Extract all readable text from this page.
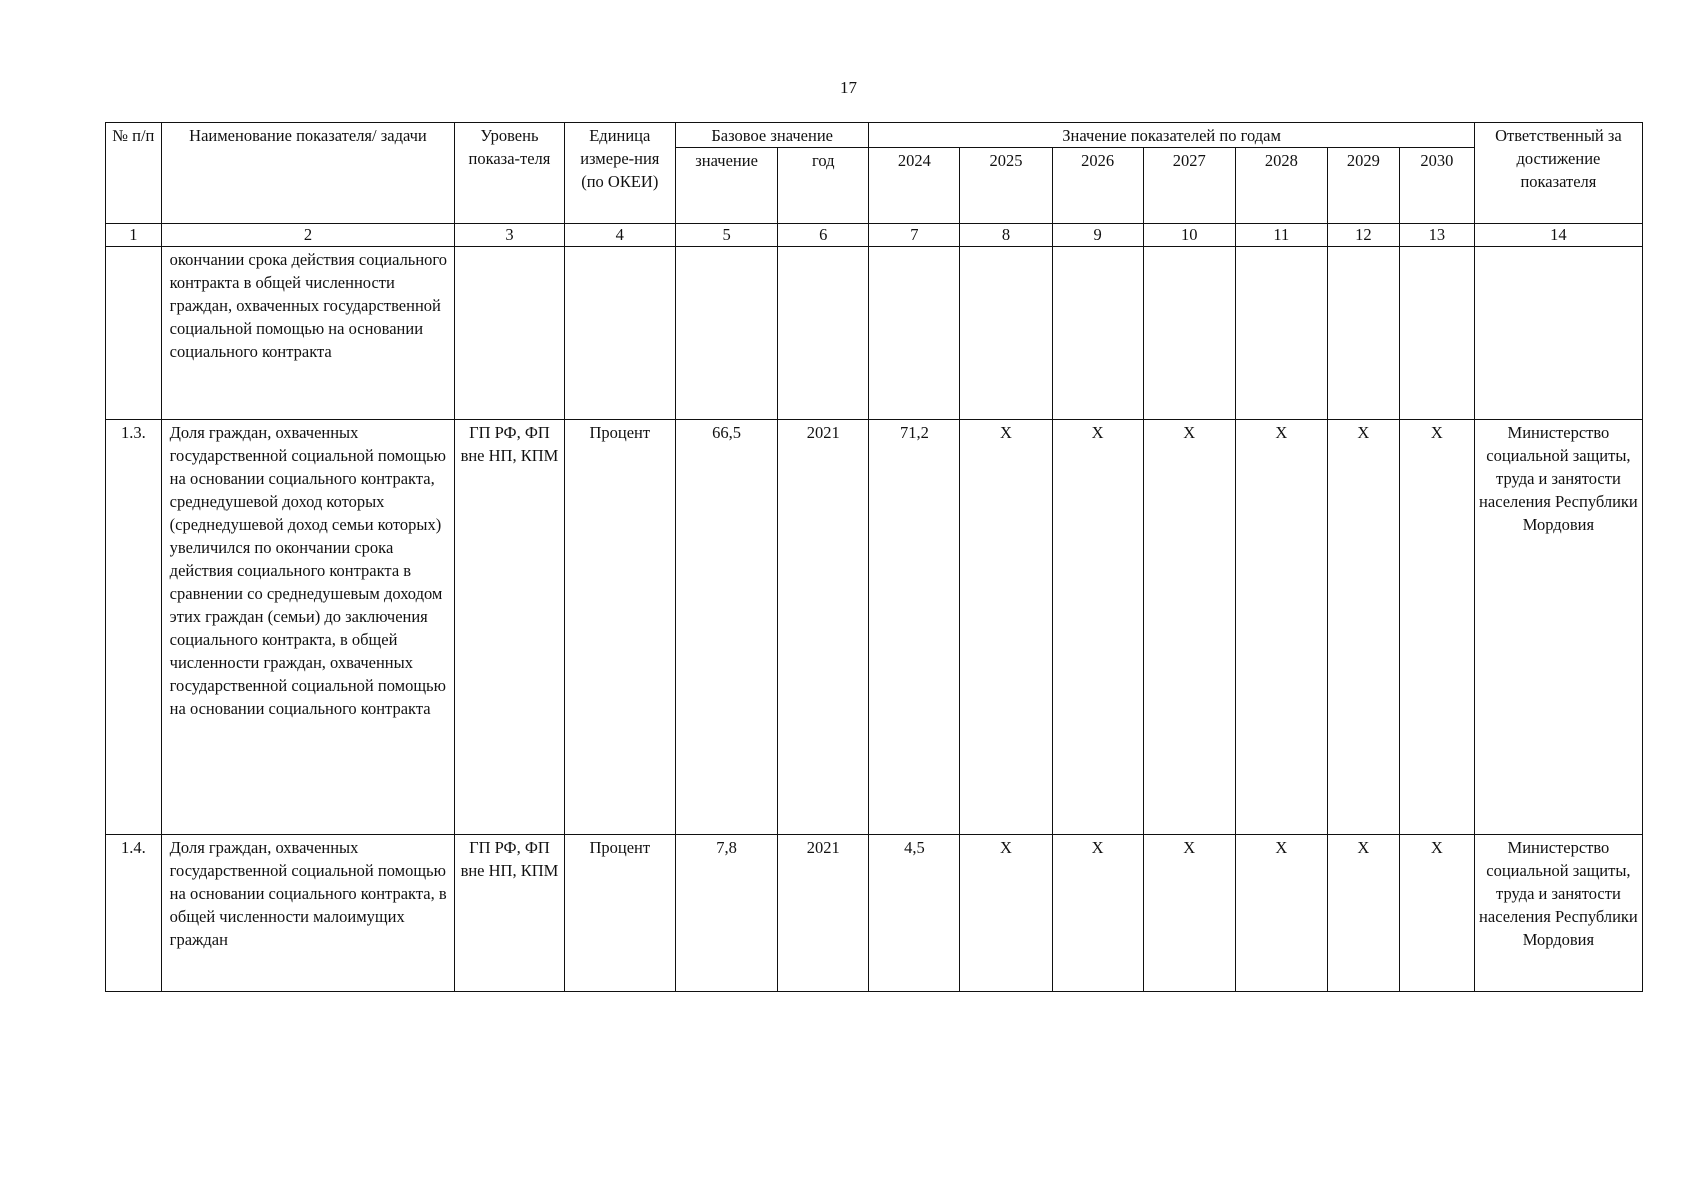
17
№ п/п	Наименование показателя/ задачи	Уровень показа-теля	Единица измере-ния (по ОКЕИ)	Базовое значение		Значение показателей по годам							Ответственный за достижение показателя
				значение	год	2024	2025	2026	2027	2028	2029	2030	
1	2	3	4	5	6	7	8	9	10	11	12	13	14
	окончании срока действия социального контракта в общей численности граждан, охваченных государственной социальной помощью на основании социального контракта												
1.3.	Доля граждан, охваченных государственной социальной помощью на основании социального контракта, среднедушевой доход которых (среднедушевой доход семьи которых) увеличился по окончании срока действия социального контракта в сравнении со среднедушевым доходом этих граждан (семьи) до заключения социального контракта, в общей численности граждан, охваченных государственной социальной помощью на основании социального контракта	ГП РФ, ФП вне НП, КПМ	Процент	66,5	2021	71,2	X	X	X	X	X	X	Министерство социальной защиты, труда и занятости населения Республики Мордовия
1.4.	Доля граждан, охваченных государственной социальной помощью на основании социального контракта, в общей численности малоимущих граждан	ГП РФ, ФП вне НП, КПМ	Процент	7,8	2021	4,5	X	X	X	X	X	X	Министерство социальной защиты, труда и занятости населения Республики Мордовия
